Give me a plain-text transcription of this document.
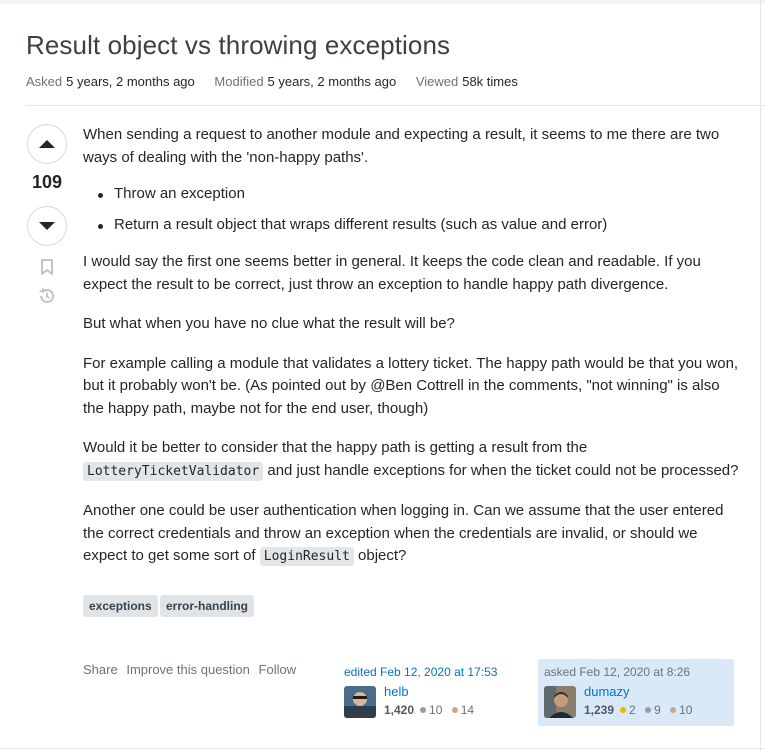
Result object vs throwing exceptions
Asked 5 years, 2 months ago Modified 5 years, 2 months ago Viewed 58k times
109

When sending a request to another module and expecting a result, it seems to me there are two ways of dealing with the 'non-happy paths'.

Throw an exception
Return a result object that wraps different results (such as value and error)

I would say the first one seems better in general. It keeps the code clean and readable. If you expect the result to be correct, just throw an exception to handle happy path divergence.

But what when you have no clue what the result will be?

For example calling a module that validates a lottery ticket. The happy path would be that you won, but it probably won't be. (As pointed out by @Ben Cottrell in the comments, "not winning" is also the happy path, maybe not for the end user, though)

Would it be better to consider that the happy path is getting a result from the LotteryTicketValidator and just handle exceptions for when the ticket could not be processed?

Another one could be user authentication when logging in. Can we assume that the user entered the correct credentials and throw an exception when the credentials are invalid, or should we expect to get some sort of LoginResult object?

exceptions	error-handling
Share Improve this question Follow	edited Feb 12, 2020 at 17:53
helb
1,420 10 14
asked Feb 12, 2020 at 8:26
dumazy
1,239 2 9 10
